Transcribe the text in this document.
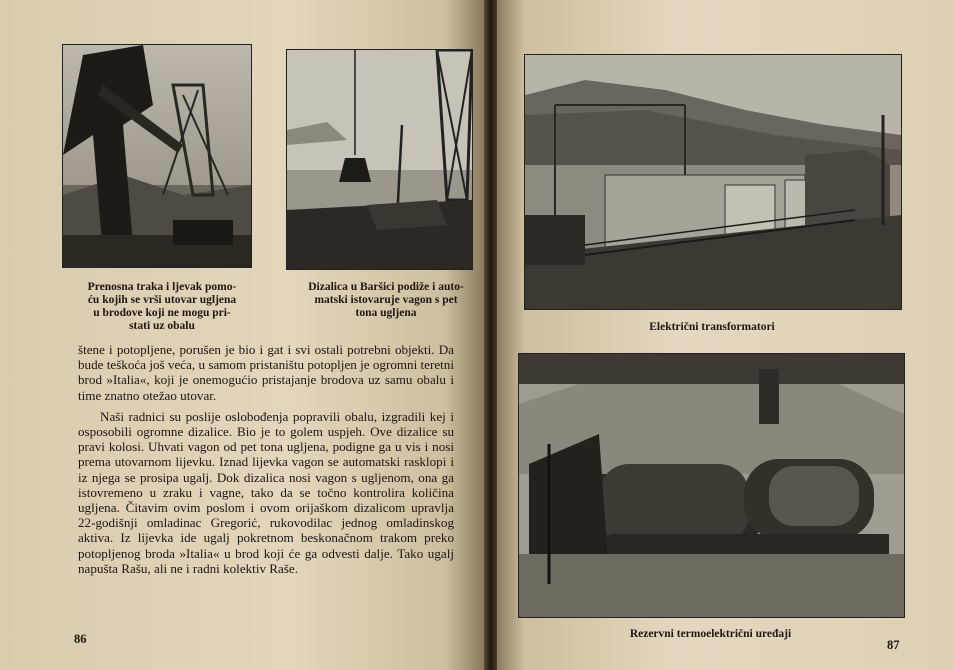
Prenosna traka i ljevak pomo-
ću kojih se vrši utovar ugljena
u brodove koji ne mogu pri-
stati uz obalu
Dizalica u Baršici podiže i auto-
matski istovaruje vagon s pet
tona ugljena

štene i potopljene, porušen je bio i gat i svi ostali potrebni objekti. Da bude teškoća još veća, u samom pristaništu potopljen je ogromni teretni brod »Italia«, koji je onemogućio pristajanje brodova uz samu obalu i time znatno otežao utovar.

Naši radnici su poslije oslobođenja popravili obalu, izgradili kej i osposobili ogromne dizalice. Bio je to golem uspjeh. Ove dizalice su pravi kolosi. Uhvati vagon od pet tona ugljena, podigne ga u vis i nosi prema utovarnom lijevku. Iznad lijevka vagon se automatski rasklopi i iz njega se prosipa ugalj. Dok dizalica nosi vagon s ugljenom, ona ga istovremeno u zraku i vagne, tako da se točno kontrolira količina ugljena. Čitavim ovim poslom i ovom orijaškom dizalicom upravlja 22-godišnji omladinac Gregorić, rukovodilac jednog omladinskog aktiva. Iz lijevka ide ugalj pokretnom beskonačnom trakom preko potopljenog broda »Italia« u brod koji će ga odvesti dalje. Tako ugalj napušta Rašu, ali ne i radni kolektiv Raše.

86
Električni transformatori
Rezervni termoelektrični uređaji
87
